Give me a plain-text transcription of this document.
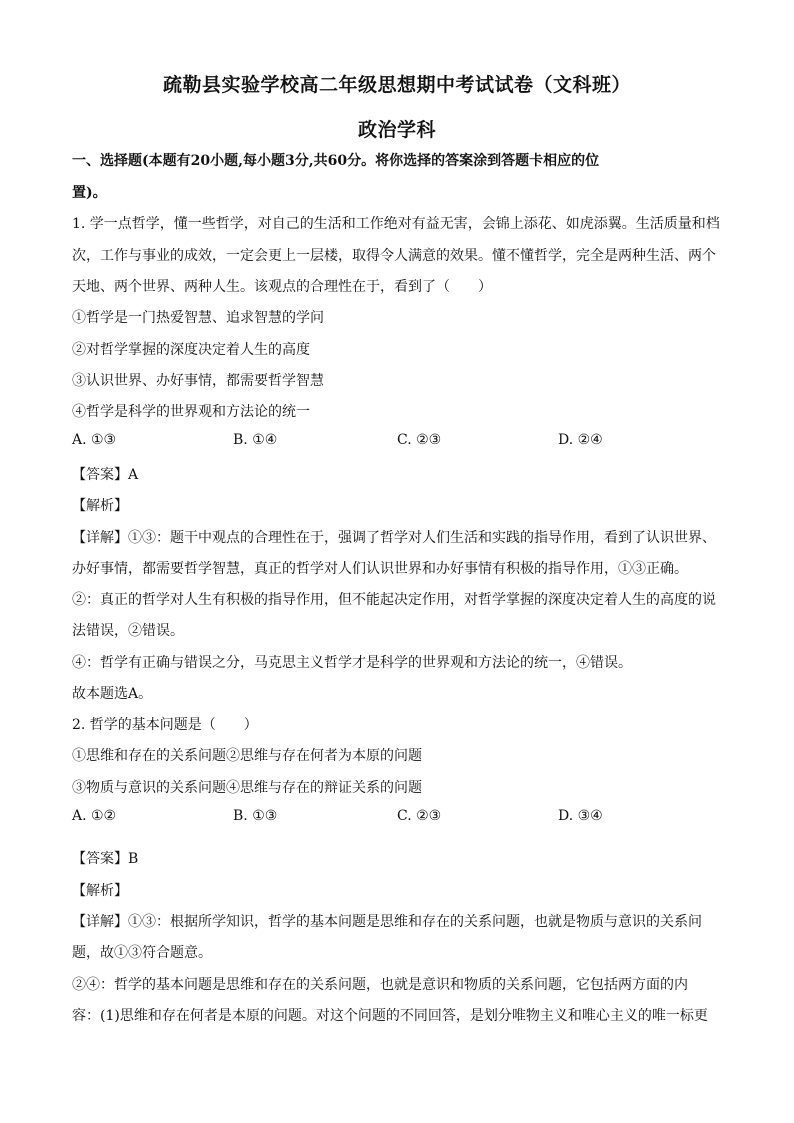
疏勒县实验学校高二年级思想期中考试试卷（文科班）
政治学科
一、选择题(本题有20小题,每小题3分,共60分。将你选择的答案涂到答题卡相应的位
置)。
1. 学一点哲学，懂一些哲学，对自己的生活和工作绝对有益无害，会锦上添花、如虎添翼。生活质量和档
次，工作与事业的成效，一定会更上一层楼，取得令人满意的效果。懂不懂哲学，完全是两种生活、两个
天地、两个世界、两种人生。该观点的合理性在于，看到了（　　）
①哲学是一门热爱智慧、追求智慧的学问
②对哲学掌握的深度决定着人生的高度
③认识世界、办好事情，都需要哲学智慧
④哲学是科学的世界观和方法论的统一
A. ①③	B. ①④	C. ②③	D. ②④
【答案】A
【解析】
【详解】①③：题干中观点的合理性在于，强调了哲学对人们生活和实践的指导作用，看到了认识世界、
办好事情，都需要哲学智慧，真正的哲学对人们认识世界和办好事情有积极的指导作用，①③正确。
②：真正的哲学对人生有积极的指导作用，但不能起决定作用，对哲学掌握的深度决定着人生的高度的说
法错误，②错误。
④：哲学有正确与错误之分，马克思主义哲学才是科学的世界观和方法论的统一，④错误。
故本题选A。
2. 哲学的基本问题是（　　）
①思维和存在的关系问题②思维与存在何者为本原的问题
③物质与意识的关系问题④思维与存在的辩证关系的问题
A. ①②	B. ①③	C. ②③	D. ③④
【答案】B
【解析】
【详解】①③：根据所学知识，哲学的基本问题是思维和存在的关系问题，也就是物质与意识的关系问
题，故①③符合题意。
②④：哲学的基本问题是思维和存在的关系问题，也就是意识和物质的关系问题，它包括两方面的内
容：(1)思维和存在何者是本原的问题。对这个问题的不同回答，是划分唯物主义和唯心主义的唯一标更
